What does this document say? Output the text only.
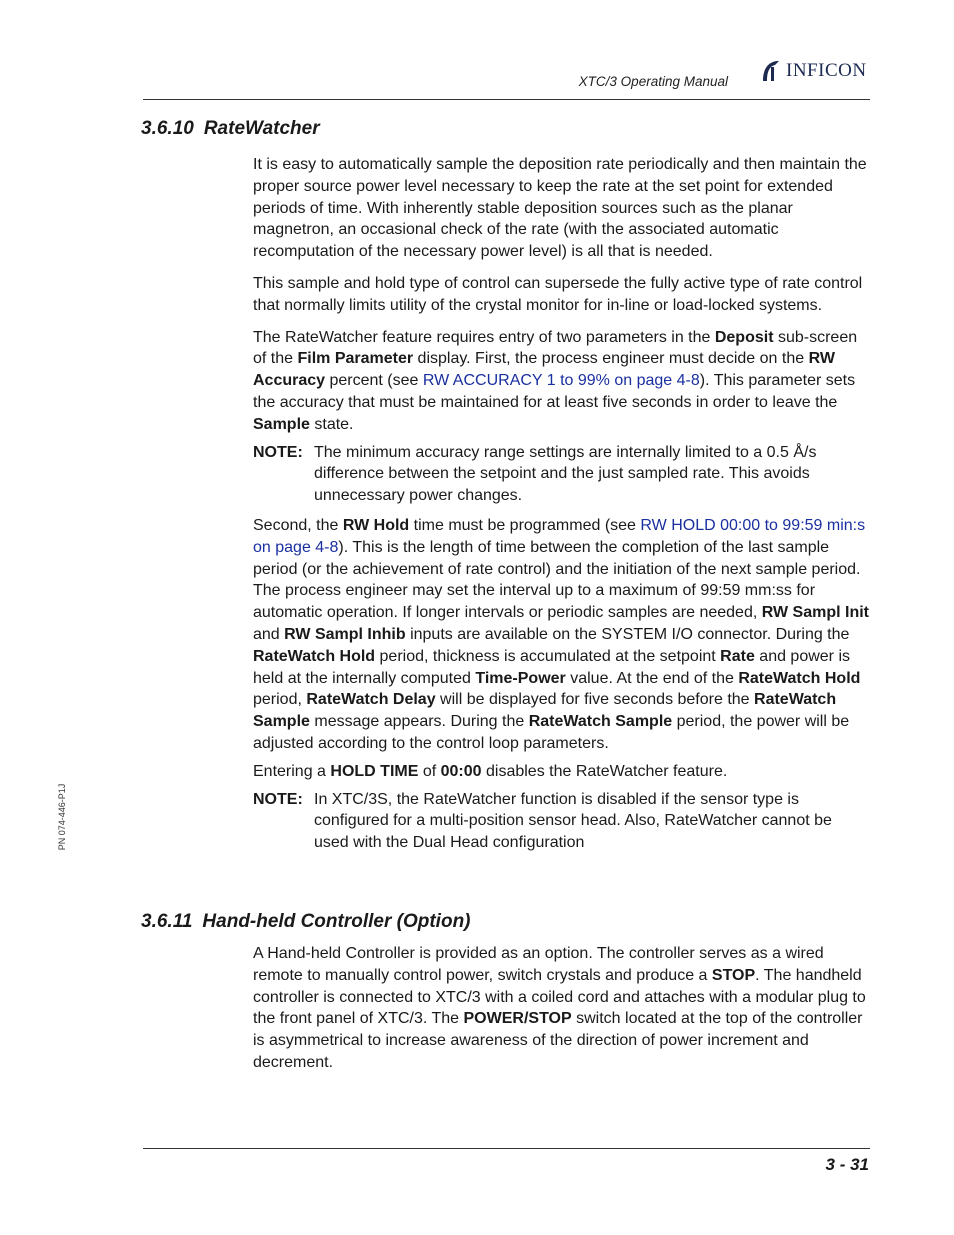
XTC/3 Operating Manual
INFICON
PN 074-446-P1J
3.6.10 RateWatcher

It is easy to automatically sample the deposition rate periodically and then maintain the proper source power level necessary to keep the rate at the set point for extended periods of time. With inherently stable deposition sources such as the planar magnetron, an occasional check of the rate (with the associated automatic recomputation of the necessary power level) is all that is needed.

This sample and hold type of control can supersede the fully active type of rate control that normally limits utility of the crystal monitor for in-line or load-locked systems.

The RateWatcher feature requires entry of two parameters in the Deposit sub-screen of the Film Parameter display. First, the process engineer must decide on the RW Accuracy percent (see RW ACCURACY 1 to 99% on page 4-8). This parameter sets the accuracy that must be maintained for at least five seconds in order to leave the Sample state.

NOTE: The minimum accuracy range settings are internally limited to a 0.5 Å/s difference between the setpoint and the just sampled rate. This avoids unnecessary power changes.

Second, the RW Hold time must be programmed (see RW HOLD 00:00 to 99:59 min:s on page 4-8). This is the length of time between the completion of the last sample period (or the achievement of rate control) and the initiation of the next sample period. The process engineer may set the interval up to a maximum of 99:59 mm:ss for automatic operation. If longer intervals or periodic samples are needed, RW Sampl Init and RW Sampl Inhib inputs are available on the SYSTEM I/O connector. During the RateWatch Hold period, thickness is accumulated at the setpoint Rate and power is held at the internally computed Time-Power value. At the end of the RateWatch Hold period, RateWatch Delay will be displayed for five seconds before the RateWatch Sample message appears. During the RateWatch Sample period, the power will be adjusted according to the control loop parameters.

Entering a HOLD TIME of 00:00 disables the RateWatcher feature.

NOTE: In XTC/3S, the RateWatcher function is disabled if the sensor type is configured for a multi-position sensor head. Also, RateWatcher cannot be used with the Dual Head configuration
3.6.11 Hand-held Controller (Option)

A Hand-held Controller is provided as an option. The controller serves as a wired remote to manually control power, switch crystals and produce a STOP. The handheld controller is connected to XTC/3 with a coiled cord and attaches with a modular plug to the front panel of XTC/3. The POWER/STOP switch located at the top of the controller is asymmetrical to increase awareness of the direction of power increment and decrement.

3 - 31
